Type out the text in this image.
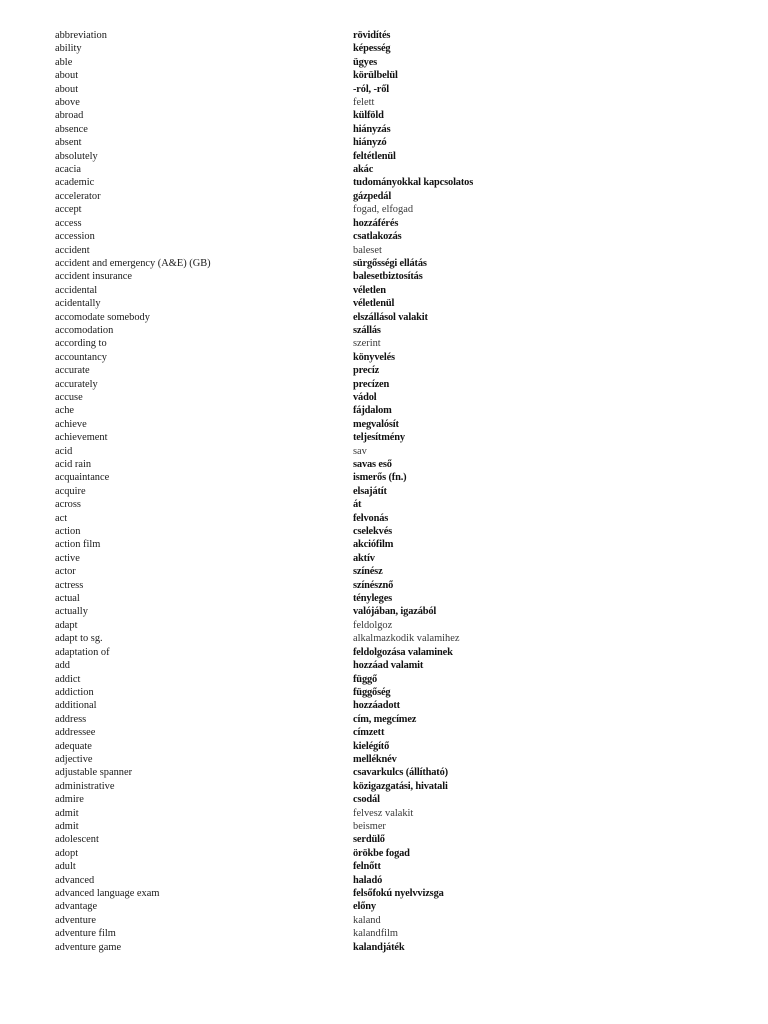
abbreviation	rövidítés
ability	képesség
able	ügyes
about	körülbelül
about	-ról, -ről
above	felett
abroad	külföld
absence	hiányzás
absent	hiányzó
absolutely	feltétlenül
acacia	akác
academic	tudományokkal kapcsolatos
accelerator	gázpedál
accept	fogad, elfogad
access	hozzáférés
accession	csatlakozás
accident	baleset
accident and emergency (A&E) (GB)	sürgősségi ellátás
accident insurance	balesetbiztosítás
accidental	véletlen
acidentally	véletlenül
accomodate somebody	elszállásol valakit
accomodation	szállás
according to	szerint
accountancy	könyvelés
accurate	precíz
accurately	precízen
accuse	vádol
ache	fájdalom
achieve	megvalósít
achievement	teljesítmény
acid	sav
acid rain	savas eső
acquaintance	ismerős (fn.)
acquire	elsajátít
across	át
act	felvonás
action	cselekvés
action film	akciófilm
active	aktív
actor	színész
actress	színésznő
actual	tényleges
actually	valójában, igazából
adapt	feldolgoz
adapt to sg.	alkalmazkodik valamihez
adaptation of	feldolgozása valaminek
add	hozzáad valamit
addict	függő
addiction	függőség
additional	hozzáadott
address	cím, megcímez
addressee	címzett
adequate	kielégítő
adjective	melléknév
adjustable spanner	csavarkulcs (állítható)
administrative	közigazgatási, hivatali
admire	csodál
admit	felvesz valakit
admit	beismer
adolescent	serdülő
adopt	örökbe fogad
adult	felnőtt
advanced	haladó
advanced language exam	felsőfokú nyelvvizsga
advantage	előny
adventure	kaland
adventure film	kalandfilm
adventure game	kalandjáték
